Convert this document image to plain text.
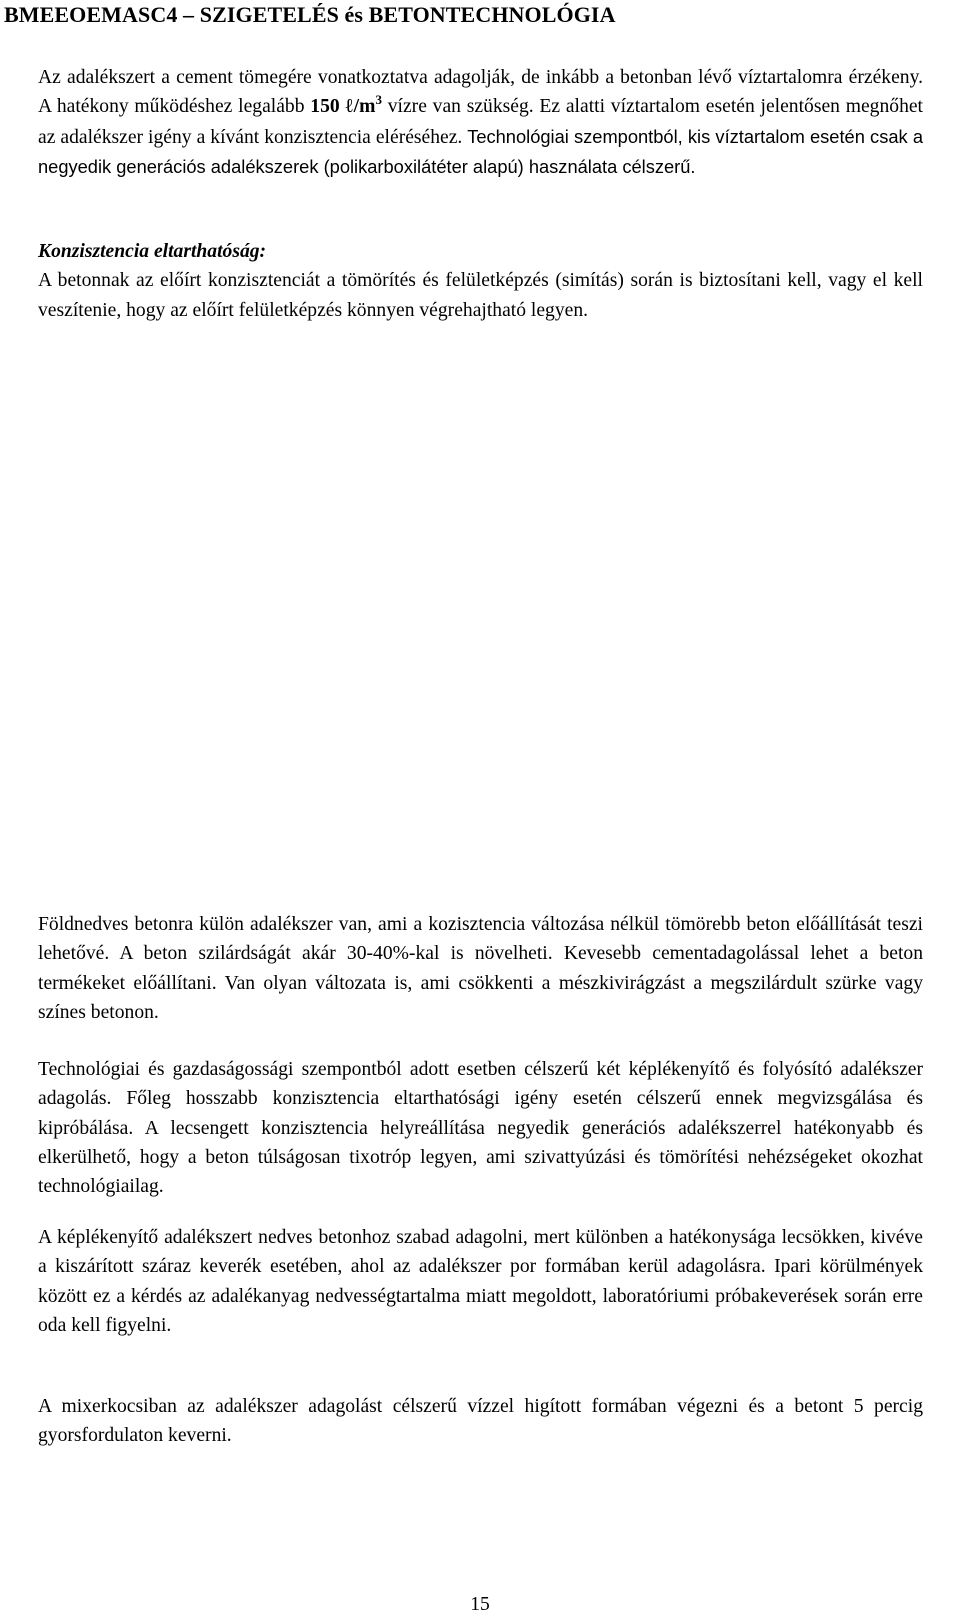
BMEEOEMASC4 – SZIGETELÉS és BETONTECHNOLÓGIA

Az adalékszert a cement tömegére vonatkoztatva adagolják, de inkább a betonban lévő víztartalomra érzékeny. A hatékony működéshez legalább 150 $\ell/m^3$ vízre van szükség. Ez alatti víztartalom esetén jelentősen megnőhet az adalékszer igény a kívánt konzisztencia eléréséhez. Technológiai szempontból, kis víztartalom esetén csak a negyedik generációs adalékszerek (polikarboxilátéter alapú) használata célszerű.

Konzisztencia eltarthatóság:
A betonnak az előírt konzisztenciát a tömörítés és felületképzés (simítás) során is biztosítani kell, vagy el kell veszítenie, hogy az előírt felületképzés könnyen végrehajtható legyen.

Földnedves betonra külön adalékszer van, ami a kozisztencia változása nélkül tömörebb beton előállítását teszi lehetővé. A beton szilárdságát akár 30-40%-kal is növelheti. Kevesebb cementadagolással lehet a beton termékeket előállítani. Van olyan változata is, ami csökkenti a mészkivirágzást a megszilárdult szürke vagy színes betonon.

Technológiai és gazdaságossági szempontból adott esetben célszerű két képlékenyítő és folyósító adalékszer adagolás. Főleg hosszabb konzisztencia eltarthatósági igény esetén célszerű ennek megvizsgálása és kipróbálása. A lecsengett konzisztencia helyreállítása negyedik generációs adalékszerrel hatékonyabb és elkerülhető, hogy a beton túlságosan tixotróp legyen, ami szivattyúzási és tömörítési nehézségeket okozhat technológiailag.

A képlékenyítő adalékszert nedves betonhoz szabad adagolni, mert különben a hatékonysága lecsökken, kivéve a kiszárított száraz keverék esetében, ahol az adalékszer por formában kerül adagolásra. Ipari körülmények között ez a kérdés az adalékanyag nedvességtartalma miatt megoldott, laboratóriumi próbakeverések során erre oda kell figyelni.

A mixerkocsiban az adalékszer adagolást célszerű vízzel higított formában végezni és a betont 5 percig gyorsfordulaton keverni.

15
